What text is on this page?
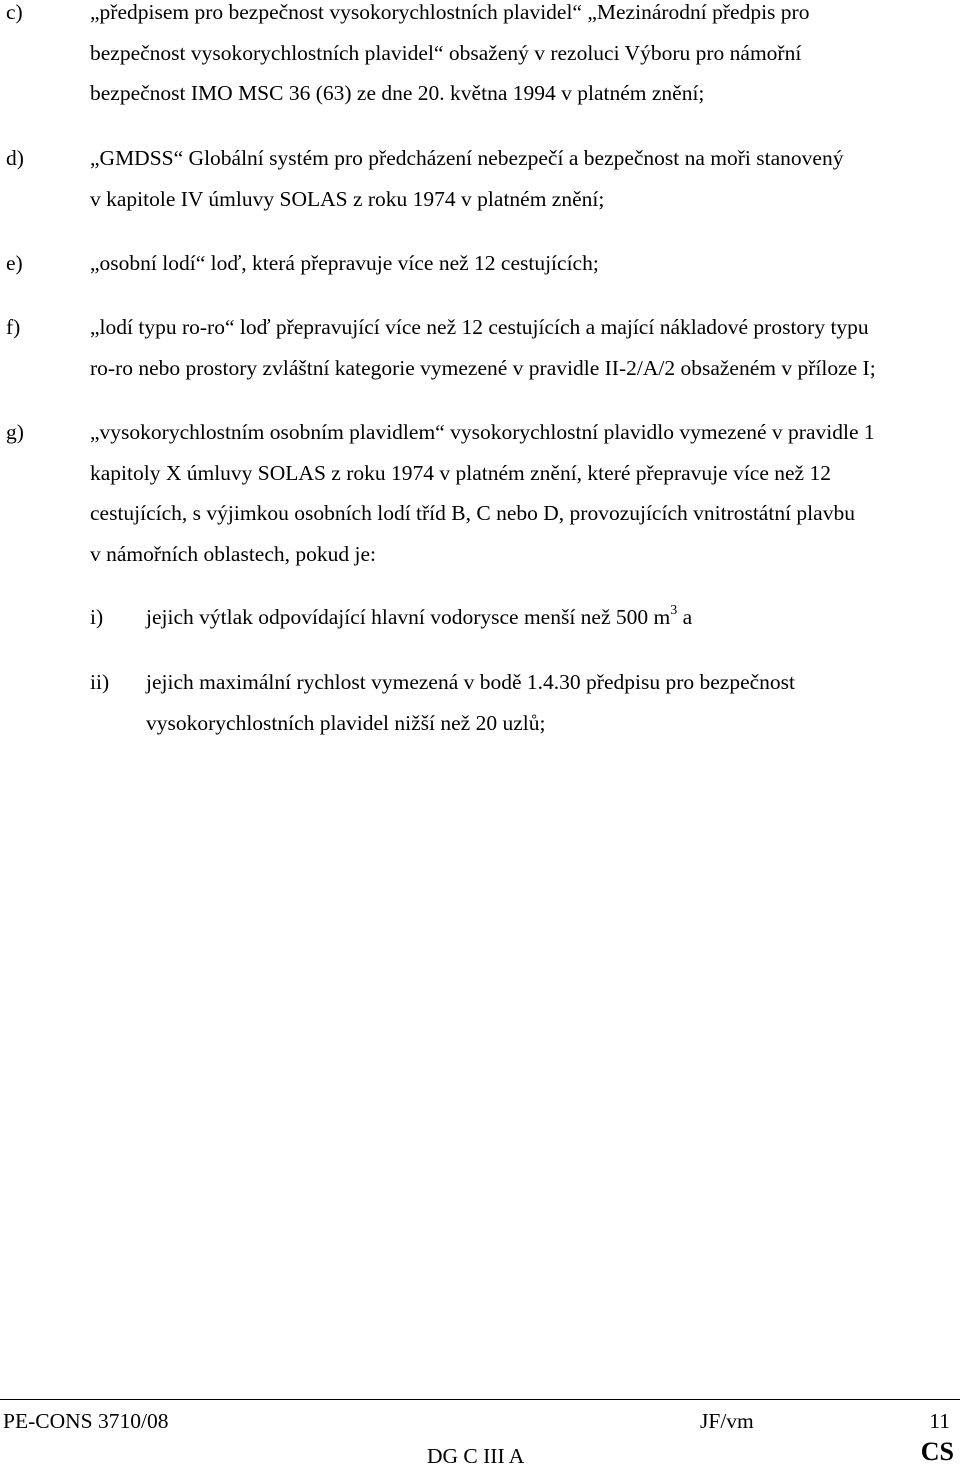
c)	„předpisem pro bezpečnost vysokorychlostních plavidel“ „Mezinárodní předpis pro
bezpečnost vysokorychlostních plavidel“ obsažený v rezoluci Výboru pro námořní
bezpečnost IMO MSC 36 (63) ze dne 20. května 1994 v platném znění;
d)	„GMDSS“ Globální systém pro předcházení nebezpečí a bezpečnost na moři stanovený
v kapitole IV úmluvy SOLAS z roku 1974 v platném znění;
e)	„osobní lodí“ loď, která přepravuje více než 12 cestujících;
f)	„lodí typu ro-ro“ loď přepravující více než 12 cestujících a mající nákladové prostory typu
ro-ro nebo prostory zvláštní kategorie vymezené v pravidle II-2/A/2 obsaženém v příloze I;
g)	„vysokorychlostním osobním plavidlem“ vysokorychlostní plavidlo vymezené v pravidle 1
kapitoly X úmluvy SOLAS z roku 1974 v platném znění, které přepravuje více než 12
cestujících, s výjimkou osobních lodí tříd B, C nebo D, provozujících vnitrostátní plavbu
v námořních oblastech, pokud je:
i) jejich výtlak odpovídající hlavní vodorysce menší než 500 $m^3$ a
ii) jejich maximální rychlost vymezená v bodě 1.4.30 předpisu pro bezpečnost
vysokorychlostních plavidel nižší než 20 uzlů;
PE-CONS 3710/08	JF/vm	11
DG C III A	CS
